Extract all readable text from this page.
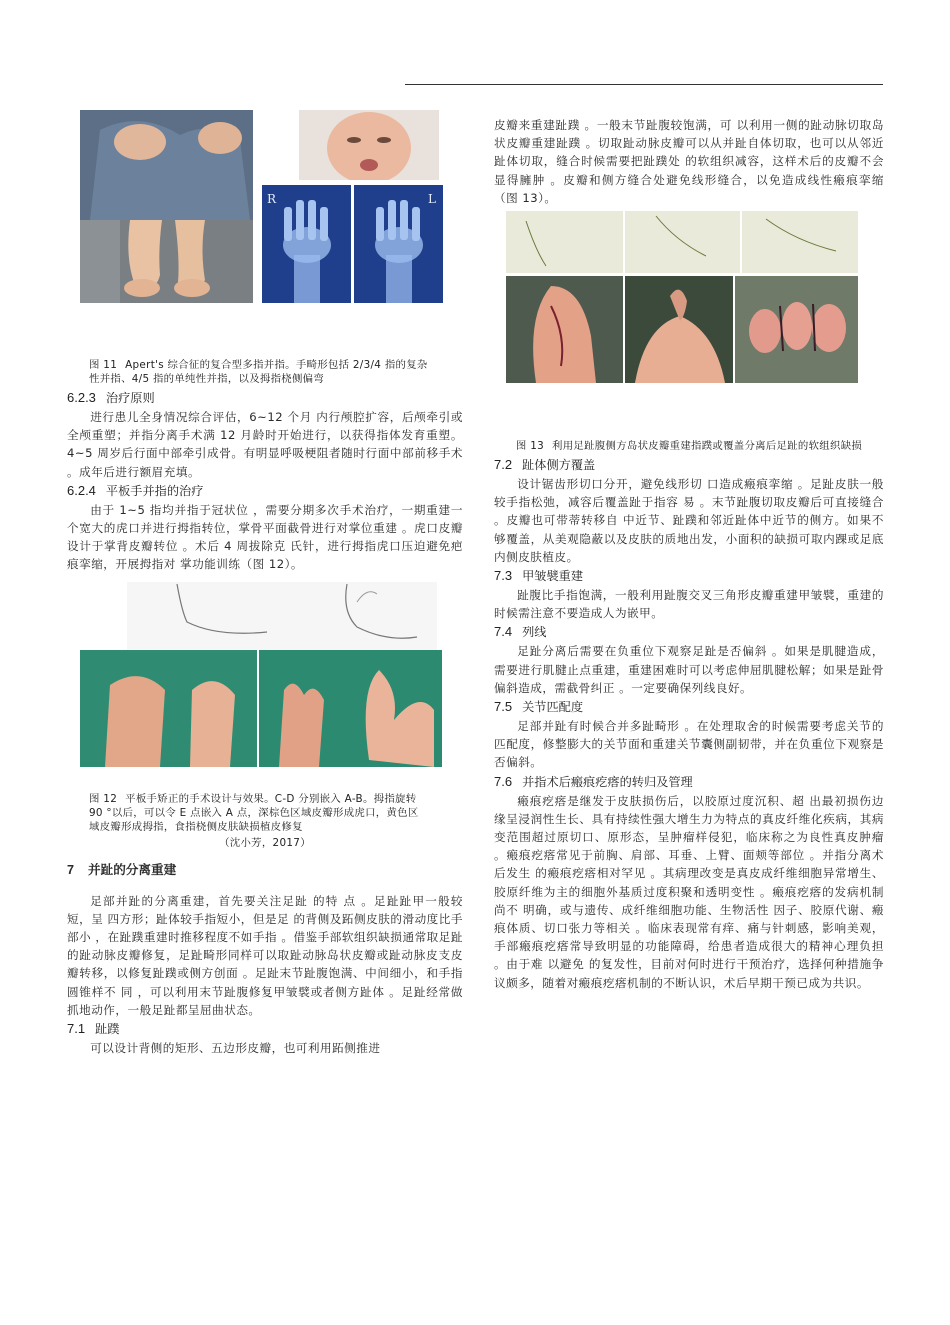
R	L
图 11 Apert's 综合征的复合型多指并指。手畸形包括 2/3/4 指的复杂性并指、4/5 指的单纯性并指，以及拇指桡侧偏弯
6.2.3 治疗原则

进行患儿全身情况综合评估，6~12 个月 内行颅腔扩容，后颅牵引或全颅重塑；并指分离手术满 12 月龄时开始进行，以获得指体发育重塑。4~5 周岁后行面中部牵引成骨。有明显呼吸梗阻者随时行面中部前移手术 。成年后进行额眉充填。

6.2.4 平板手并指的治疗

由于 1~5 指均并指于冠状位 ，需要分期多次手术治疗，一期重建一个宽大的虎口并进行拇指转位，掌骨平面截骨进行对掌位重建 。虎口皮瓣设计于掌背皮瓣转位 。术后 4 周拔除克 氏针，进行拇指虎口压迫避免疤痕挛缩，开展拇指对 掌功能训练（图 12）。

图 12 平板手矫正的手术设计与效果。C-D 分别嵌入 A-B。拇指旋转 90 °以后，可以令 E 点嵌入 A 点，深棕色区域皮瓣形成虎口，黄色区域皮瓣形成拇指，食指桡侧皮肤缺损植皮修复
（沈小芳，2017）
7 并趾的分离重建

足部并趾的分离重建，首先要关注足趾 的特 点 。足趾趾甲一般较短，呈 四方形；趾体较手指短小，但是足 的背侧及跖侧皮肤的滑动度比手部小 ，在趾蹼重建时推移程度不如手指 。借鉴手部软组织缺损通常取足趾的趾动脉皮瓣修复，足趾畸形同样可以取趾动脉岛状皮瓣或趾动脉皮支皮瓣转移，以修复趾蹼或侧方创面 。足趾末节趾腹饱满、中间细小，和手指 圆锥样不 同 ，可以利用末节趾腹修复甲皱襞或者侧方趾体 。足趾经常做抓地动作，一般足趾都呈屈曲状态。

7.1 趾蹼

可以设计背侧的矩形、五边形皮瓣，也可利用跖侧推进

皮瓣来重建趾蹼 。一般末节趾腹较饱满，可 以利用一侧的趾动脉切取岛状皮瓣重建趾蹼 。切取趾动脉皮瓣可以从并趾自体切取，也可以从邻近趾体切取，缝合时候需要把趾蹼处 的软组织减容，这样术后的皮瓣不会显得臃肿 。皮瓣和侧方缝合处避免线形缝合，以免造成线性瘢痕挛缩（图 13）。

图 13 利用足趾腹侧方岛状皮瓣重建指蹼或覆盖分离后足趾的软组织缺损
7.2 趾体侧方覆盖

设计锯齿形切口分开，避免线形切 口造成瘢痕挛缩 。足趾皮肤一般较手指松弛，减容后覆盖趾于指容 易 。末节趾腹切取皮瓣后可直接缝合 。皮瓣也可带蒂转移自 中近节、趾蹼和邻近趾体中近节的侧方。如果不够覆盖，从美观隐蔽以及皮肤的质地出发，小面积的缺损可取内踝或足底内侧皮肤植皮。

7.3 甲皱襞重建

趾腹比手指饱满，一般利用趾腹交叉三角形皮瓣重建甲皱襞，重建的时候需注意不要造成人为嵌甲。

7.4 列线

足趾分离后需要在负重位下观察足趾是否偏斜 。如果是肌腱造成，需要进行肌腱止点重建，重建困难时可以考虑伸屈肌腱松解；如果是趾骨偏斜造成，需截骨纠正 。一定要确保列线良好。

7.5 关节匹配度

足部并趾有时候合并多趾畸形 。在处理取舍的时候需要考虑关节的匹配度，修整膨大的关节面和重建关节囊侧副韧带，并在负重位下观察是否偏斜。

7.6 并指术后瘢痕疙瘩的转归及管理

瘢痕疙瘩是继发于皮肤损伤后，以胶原过度沉积、超 出最初损伤边缘呈浸润性生长、具有持续性强大增生力为特点的真皮纤维化疾病，其病变范围超过原切口、原形态，呈肿瘤样侵犯，临床称之为良性真皮肿瘤 。瘢痕疙瘩常见于前胸、肩部、耳垂、上臂、面颊等部位 。并指分离术后发生 的瘢痕疙瘩相对罕见 。其病理改变是真皮成纤维细胞异常增生、胶原纤维为主的细胞外基质过度积聚和透明变性 。瘢痕疙瘩的发病机制 尚不 明确，或与遗传、成纤维细胞功能、生物活性 因子、胶原代谢、瘢痕体质、切口张力等相关 。临床表现常有痒、痛与针刺感，影响美观，手部瘢痕疙瘩常导致明显的功能障碍，给患者造成很大的精神心理负担 。由于难 以避免 的复发性，目前对何时进行干预治疗，选择何种措施争议颇多，随着对瘢痕疙瘩机制的不断认识，术后早期干预已成为共识。
